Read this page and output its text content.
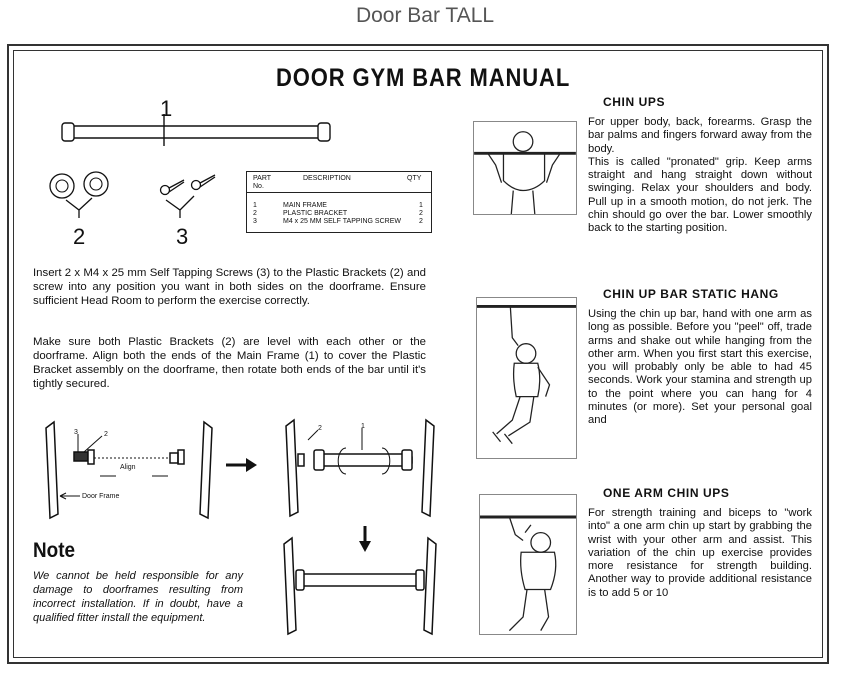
Door Bar TALL
DOOR GYM BAR MANUAL
1
2	3
PART
No.
DESCRIPTION	QTY
1	MAIN FRAME	1
2	PLASTIC BRACKET	2
3	M4 x 25 MM SELF TAPPING SCREW	2
Insert 2 x M4 x 25 mm Self Tapping Screws (3) to the Plastic Brackets (2) and screw into any position you want in both sides on the doorframe. Ensure sufficient Head Room to perform the exercise correctly.
Make sure both Plastic Brackets (2) are level with each other or the doorframe. Align both the ends of the Main Frame (1) to cover the Plastic Bracket assembly on the doorframe, then rotate both ends of the bar until it's tightly secured.
3	2
Align
Door Frame
1
2
Note
We cannot be held responsible for any damage to doorframes resulting from incorrect installation. If in doubt, have a qualified fitter install the equipment.
CHIN UPS

For upper body, back, forearms. Grasp the bar palms and fingers forward away from the body.

This is called "pronated" grip. Keep arms straight and hang straight down without swinging. Relax your shoulders and body. Pull up in a smooth motion, do not jerk. The chin should go over the bar. Lower smoothly back to the starting position.

CHIN UP BAR STATIC HANG
Using the chin up bar, hand with one arm as long as possible. Before you "peel" off, trade arms and shake out while hanging from the other arm. When you first start this exercise, you will probably only be able to had 45 seconds. Work your stamina and strength up to the point where you can hang for 4 minutes (or more). Set your personal goal and
ONE ARM CHIN UPS
For strength training and biceps to "work into" a one arm chin up start by grabbing the wrist with your other arm and assist. This variation of the chin up exercise provides more resistance for strength building. Another way to provide additional resistance is to add 5 or 10
